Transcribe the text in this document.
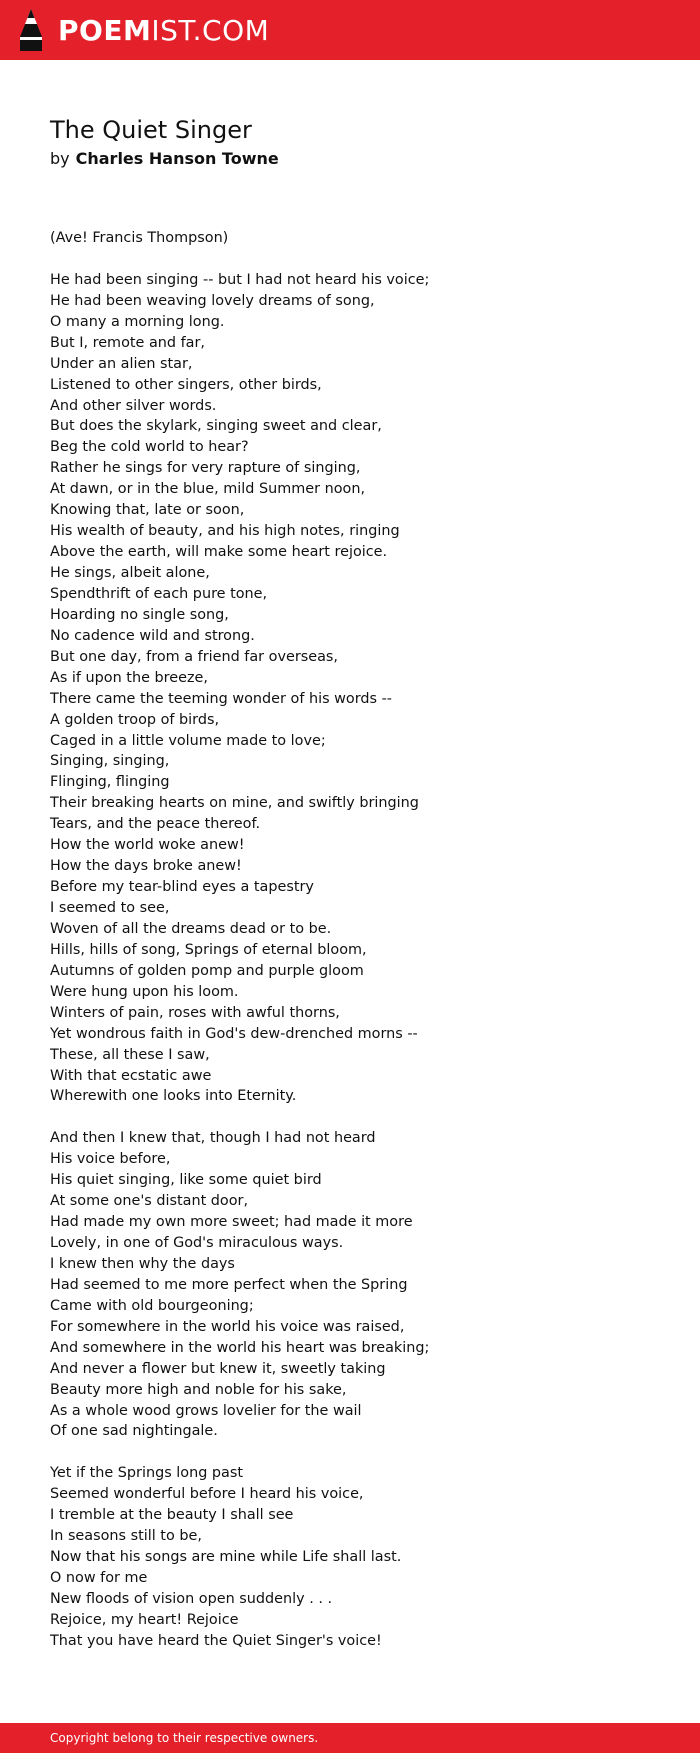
POEMIST.COM
The Quiet Singer
by Charles Hanson Towne
(Ave! Francis Thompson)
He had been singing -- but I had not heard his voice;
He had been weaving lovely dreams of song,
O many a morning long.
But I, remote and far,
Under an alien star,
Listened to other singers, other birds,
And other silver words.
But does the skylark, singing sweet and clear,
Beg the cold world to hear?
Rather he sings for very rapture of singing,
At dawn, or in the blue, mild Summer noon,
Knowing that, late or soon,
His wealth of beauty, and his high notes, ringing
Above the earth, will make some heart rejoice.
He sings, albeit alone,
Spendthrift of each pure tone,
Hoarding no single song,
No cadence wild and strong.
But one day, from a friend far overseas,
As if upon the breeze,
There came the teeming wonder of his words --
A golden troop of birds,
Caged in a little volume made to love;
Singing, singing,
Flinging, flinging
Their breaking hearts on mine, and swiftly bringing
Tears, and the peace thereof.
How the world woke anew!
How the days broke anew!
Before my tear-blind eyes a tapestry
I seemed to see,
Woven of all the dreams dead or to be.
Hills, hills of song, Springs of eternal bloom,
Autumns of golden pomp and purple gloom
Were hung upon his loom.
Winters of pain, roses with awful thorns,
Yet wondrous faith in God's dew-drenched morns --
These, all these I saw,
With that ecstatic awe
Wherewith one looks into Eternity.
And then I knew that, though I had not heard
His voice before,
His quiet singing, like some quiet bird
At some one's distant door,
Had made my own more sweet; had made it more
Lovely, in one of God's miraculous ways.
I knew then why the days
Had seemed to me more perfect when the Spring
Came with old bourgeoning;
For somewhere in the world his voice was raised,
And somewhere in the world his heart was breaking;
And never a flower but knew it, sweetly taking
Beauty more high and noble for his sake,
As a whole wood grows lovelier for the wail
Of one sad nightingale.
Yet if the Springs long past
Seemed wonderful before I heard his voice,
I tremble at the beauty I shall see
In seasons still to be,
Now that his songs are mine while Life shall last.
O now for me
New floods of vision open suddenly . . .
Rejoice, my heart! Rejoice
That you have heard the Quiet Singer's voice!
Copyright belong to their respective owners.
